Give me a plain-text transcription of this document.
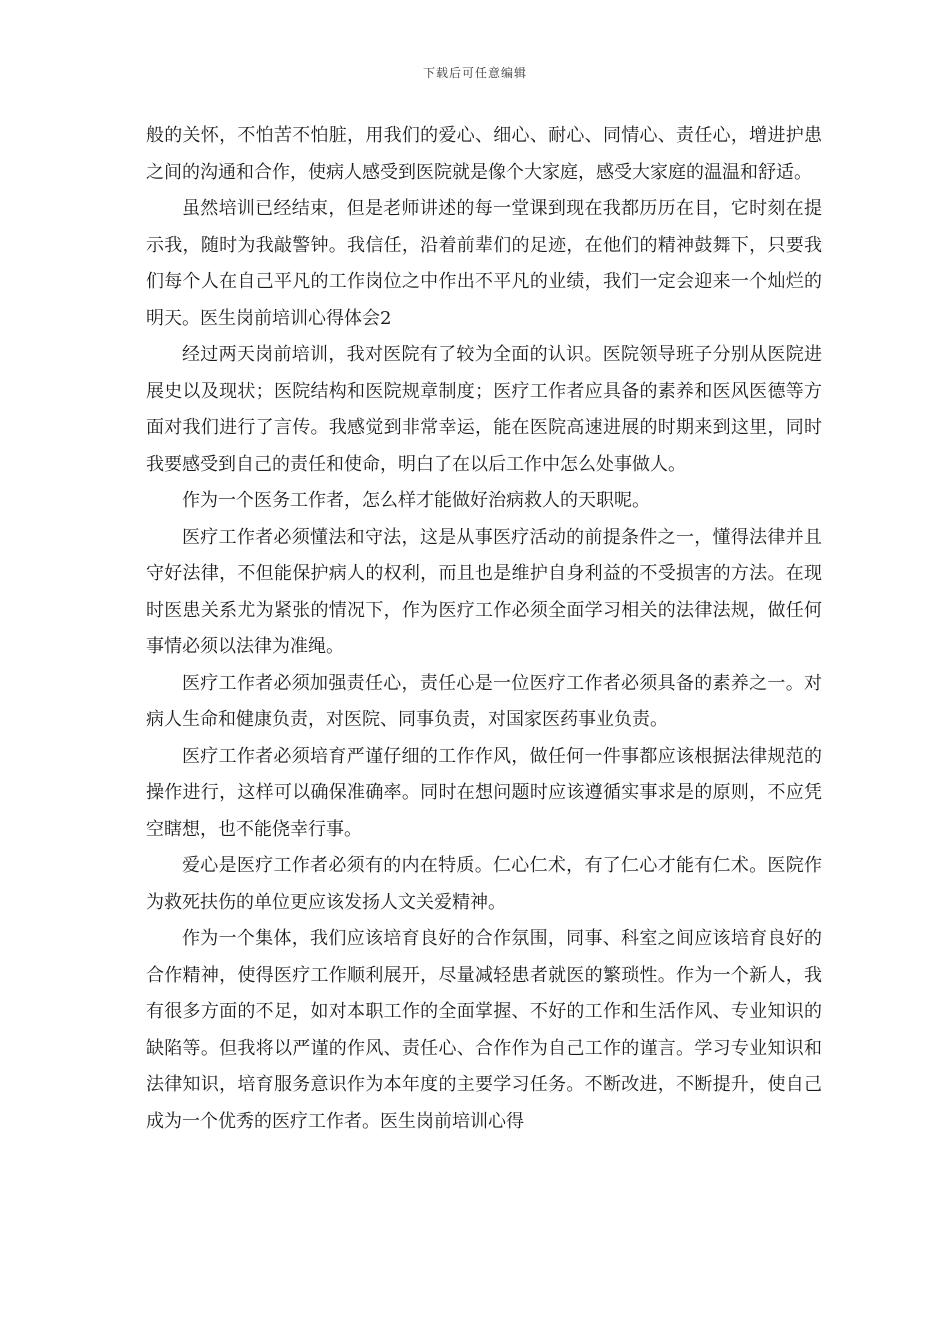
下载后可任意编辑

般的关怀，不怕苦不怕脏，用我们的爱心、细心、耐心、同情心、责任心，增进护患之间的沟通和合作，使病人感受到医院就是像个大家庭，感受大家庭的温温和舒适。

虽然培训已经结束，但是老师讲述的每一堂课到现在我都历历在目，它时刻在提示我，随时为我敲警钟。我信任，沿着前辈们的足迹，在他们的精神鼓舞下，只要我们每个人在自己平凡的工作岗位之中作出不平凡的业绩，我们一定会迎来一个灿烂的明天。医生岗前培训心得体会2

经过两天岗前培训，我对医院有了较为全面的认识。医院领导班子分别从医院进展史以及现状；医院结构和医院规章制度；医疗工作者应具备的素养和医风医德等方面对我们进行了言传。我感觉到非常幸运，能在医院高速进展的时期来到这里，同时我要感受到自己的责任和使命，明白了在以后工作中怎么处事做人。

作为一个医务工作者，怎么样才能做好治病救人的天职呢。

医疗工作者必须懂法和守法，这是从事医疗活动的前提条件之一，懂得法律并且守好法律，不但能保护病人的权利，而且也是维护自身利益的不受损害的方法。在现时医患关系尤为紧张的情况下，作为医疗工作必须全面学习相关的法律法规，做任何事情必须以法律为准绳。

医疗工作者必须加强责任心，责任心是一位医疗工作者必须具备的素养之一。对病人生命和健康负责，对医院、同事负责，对国家医药事业负责。

医疗工作者必须培育严谨仔细的工作作风，做任何一件事都应该根据法律规范的操作进行，这样可以确保准确率。同时在想问题时应该遵循实事求是的原则，不应凭空瞎想，也不能侥幸行事。

爱心是医疗工作者必须有的内在特质。仁心仁术，有了仁心才能有仁术。医院作为救死扶伤的单位更应该发扬人文关爱精神。

作为一个集体，我们应该培育良好的合作氛围，同事、科室之间应该培育良好的合作精神，使得医疗工作顺利展开，尽量减轻患者就医的繁琐性。作为一个新人，我有很多方面的不足，如对本职工作的全面掌握、不好的工作和生活作风、专业知识的缺陷等。但我将以严谨的作风、责任心、合作作为自己工作的谨言。学习专业知识和法律知识，培育服务意识作为本年度的主要学习任务。不断改进，不断提升，使自己成为一个优秀的医疗工作者。医生岗前培训心得
